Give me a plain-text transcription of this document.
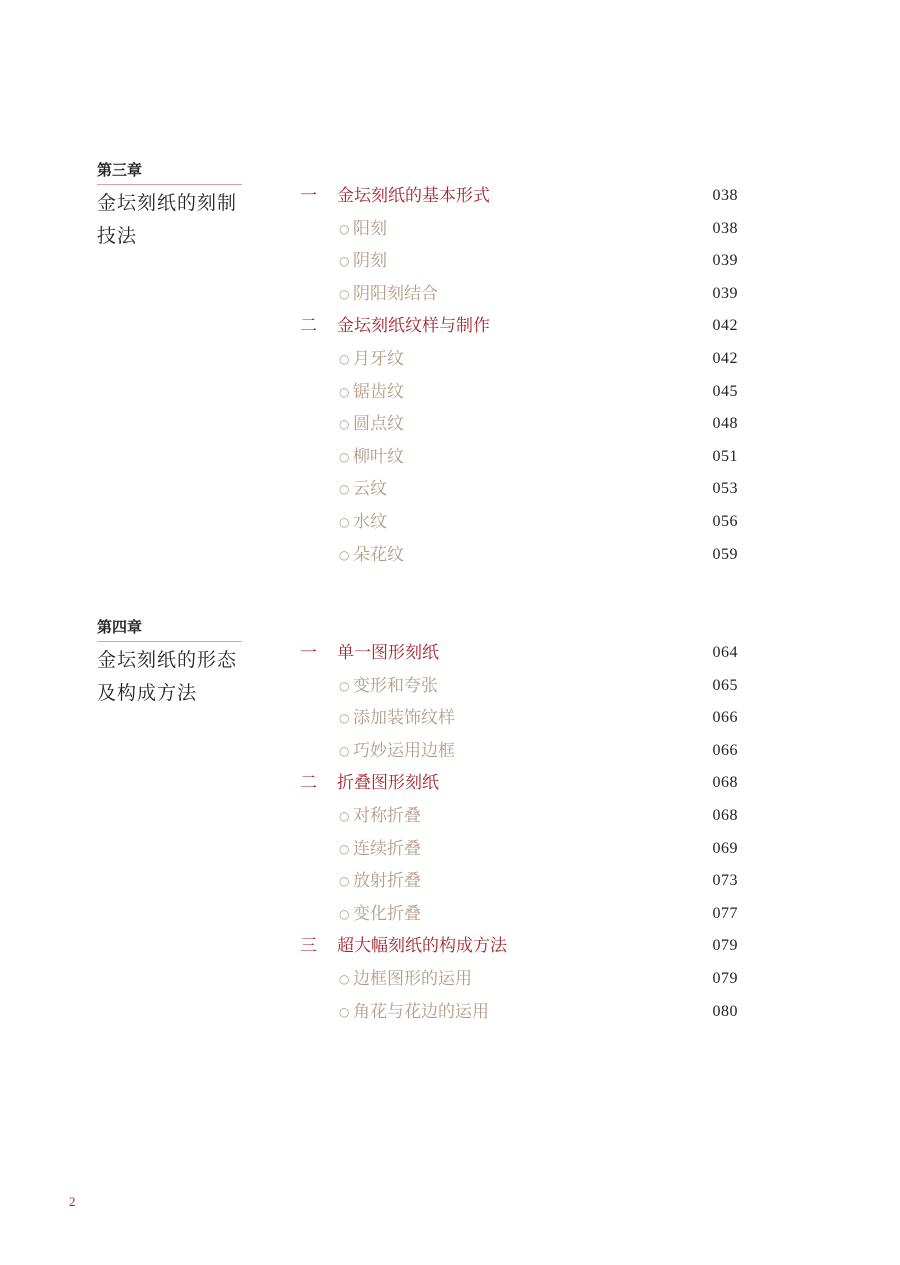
第三章
金坛刻纸的刻制
技法
一 金坛刻纸的基本形式	038
○ 阳刻	038
○ 阴刻	039
○ 阴阳刻结合	039
二 金坛刻纸纹样与制作	042
○ 月牙纹	042
○ 锯齿纹	045
○ 圆点纹	048
○ 柳叶纹	051
○ 云纹	053
○ 水纹	056
○ 朵花纹	059
第四章
金坛刻纸的形态
及构成方法
一 单一图形刻纸	064
○ 变形和夸张	065
○ 添加装饰纹样	066
○ 巧妙运用边框	066
二 折叠图形刻纸	068
○ 对称折叠	068
○ 连续折叠	069
○ 放射折叠	073
○ 变化折叠	077
三 超大幅刻纸的构成方法	079
○ 边框图形的运用	079
○ 角花与花边的运用	080
2
